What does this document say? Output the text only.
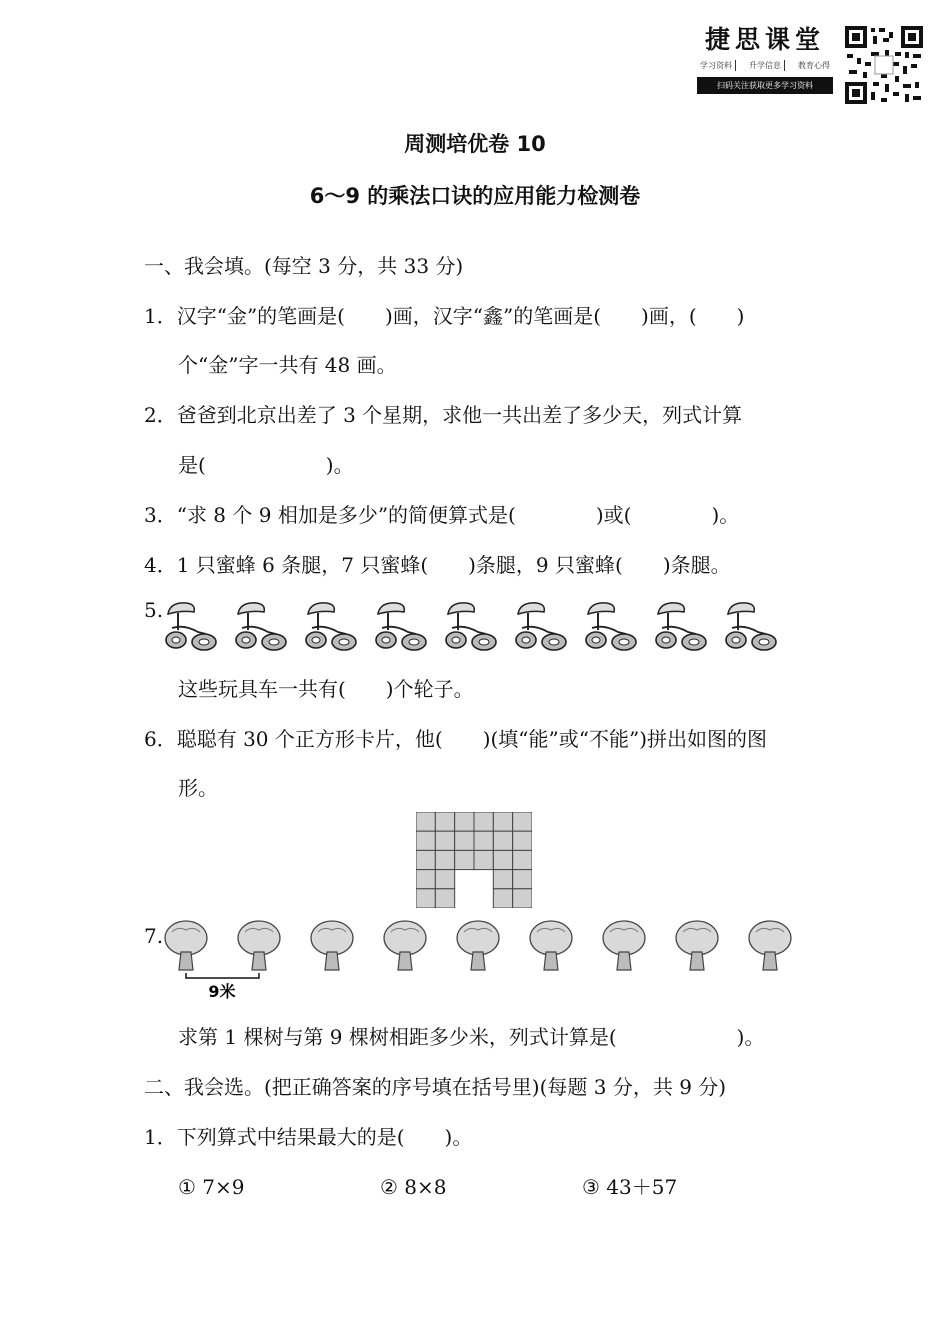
捷思课堂
学习资料	升学信息	教育心得
扫码关注获取更多学习资料
周测培优卷 10
6～9 的乘法口诀的应用能力检测卷
一、我会填。(每空 3 分，共 33 分)
1．汉字“金”的笔画是(　　)画，汉字“鑫”的笔画是(　　)画，(　　)
个“金”字一共有 48 画。
2．爸爸到北京出差了 3 个星期，求他一共出差了多少天，列式计算
是(　　　　　　)。
3．“求 8 个 9 相加是多少”的简便算式是(　　　　)或(　　　　)。
4．1 只蜜蜂 6 条腿，7 只蜜蜂(　　)条腿，9 只蜜蜂(　　)条腿。
5.
这些玩具车一共有(　　)个轮子。
6．聪聪有 30 个正方形卡片，他(　　)(填“能”或“不能”)拼出如图的图
形。
7.
9米
求第 1 棵树与第 9 棵树相距多少米，列式计算是(　　　　　　)。
二、我会选。(把正确答案的序号填在括号里)(每题 3 分，共 9 分)
1．下列算式中结果最大的是(　　)。
① 7×9	② 8×8	③ 43＋57
